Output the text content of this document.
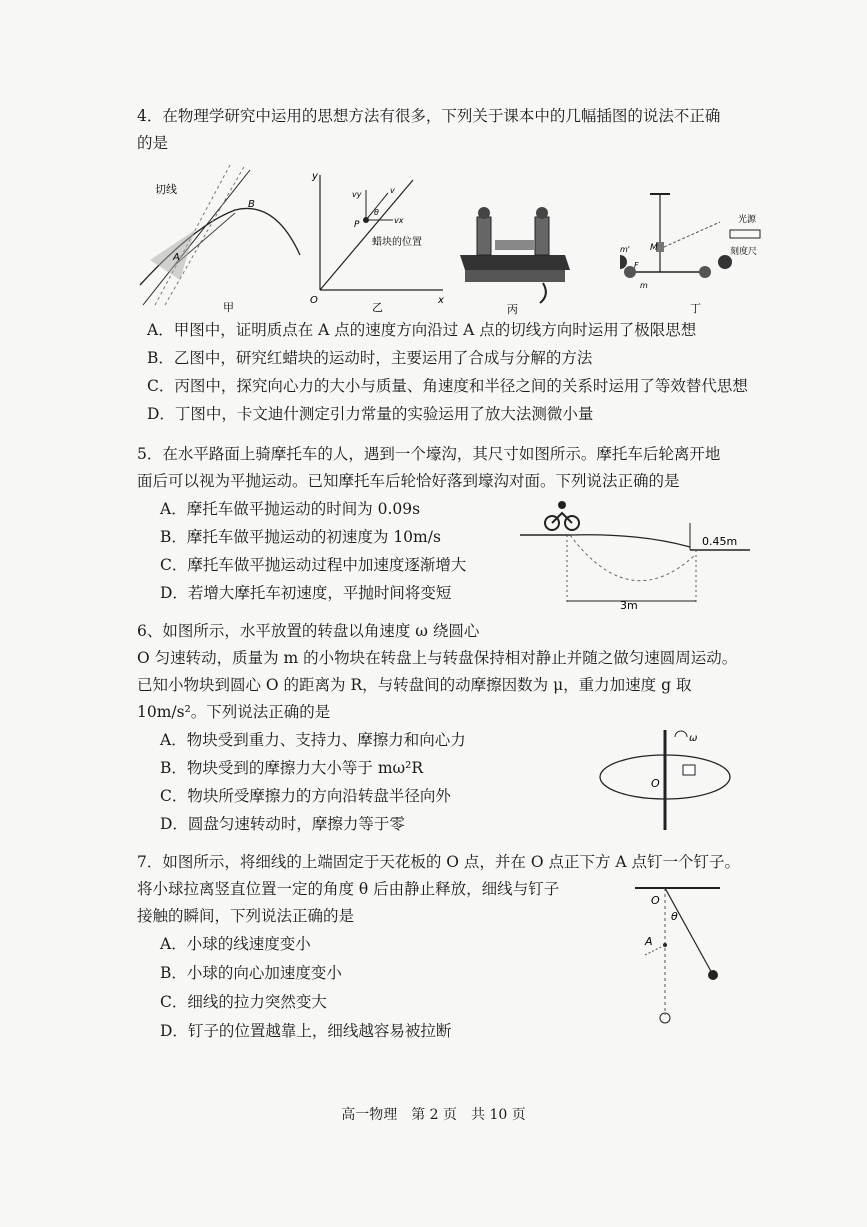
4．在物理学研究中运用的思想方法有很多，下列关于课本中的几幅插图的说法不正确

的是

切线
A
B
甲
y
x
O
P
vy
vx
v
θ
蜡块的位置
乙	丙
光源
刻度尺
M
m'
m
F
丁

A．甲图中，证明质点在 A 点的速度方向沿过 A 点的切线方向时运用了极限思想

B．乙图中，研究红蜡块的运动时，主要运用了合成与分解的方法

C．丙图中，探究向心力的大小与质量、角速度和半径之间的关系时运用了等效替代思想

D．丁图中，卡文迪什测定引力常量的实验运用了放大法测微小量

5．在水平路面上骑摩托车的人，遇到一个壕沟，其尺寸如图所示。摩托车后轮离开地

面后可以视为平抛运动。已知摩托车后轮恰好落到壕沟对面。下列说法正确的是

A．摩托车做平抛运动的时间为 0.09s

B．摩托车做平抛运动的初速度为 10m/s

C．摩托车做平抛运动过程中加速度逐渐增大

D．若增大摩托车初速度，平抛时间将变短

0.45m
3m

6、如图所示，水平放置的转盘以角速度 ω 绕圆心

O 匀速转动，质量为 m 的小物块在转盘上与转盘保持相对静止并随之做匀速圆周运动。

已知小物块到圆心 O 的距离为 R，与转盘间的动摩擦因数为 μ，重力加速度 g 取

10m/s²。下列说法正确的是

A．物块受到重力、支持力、摩擦力和向心力

B．物块受到的摩擦力大小等于 mω²R

C．物块所受摩擦力的方向沿转盘半径向外

D．圆盘匀速转动时，摩擦力等于零

ω
O

7．如图所示，将细线的上端固定于天花板的 O 点，并在 O 点正下方 A 点钉一个钉子。

将小球拉离竖直位置一定的角度 θ 后由静止释放，细线与钉子

接触的瞬间，下列说法正确的是

A．小球的线速度变小

B．小球的向心加速度变小

C．细线的拉力突然变大

D．钉子的位置越靠上，细线越容易被拉断

O
A
θ
高一物理　第 2 页　共 10 页
